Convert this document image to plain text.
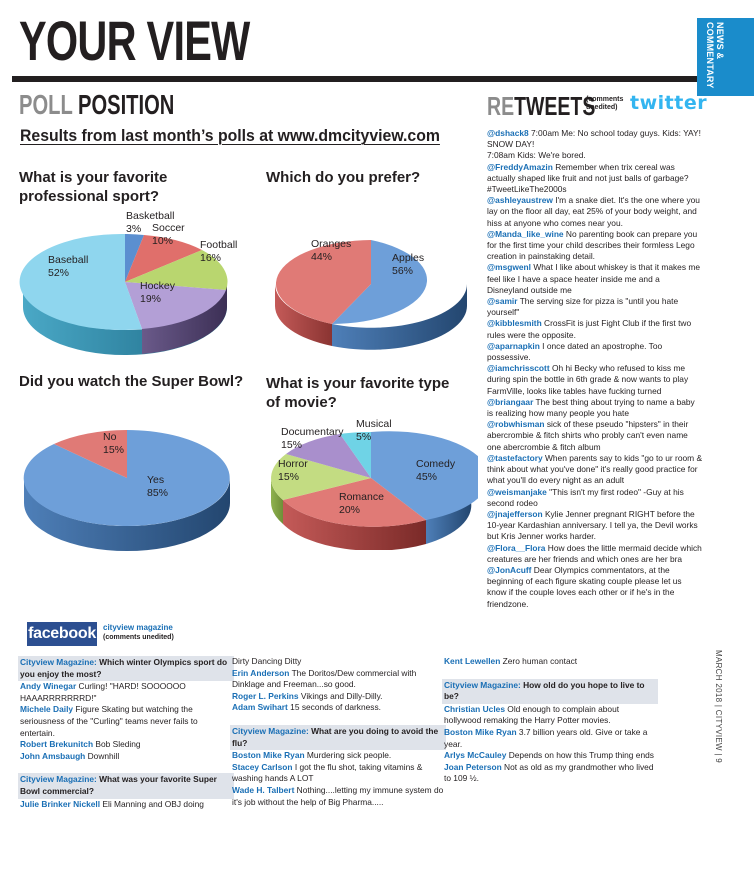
YOUR VIEW	NEWS & COMMENTARY
POLL POSITION
Results from last month’s polls at www.dmcityview.com
What is your favorite professional sport?
Basketball
3%	Soccer
10%	Football
16%
Hockey
19%
Baseball
52%
Which do you prefer?
Oranges
44%	Apples
56%
Did you watch the Super Bowl?
No
15%
Yes
85%
What is your favorite type of movie?
Musical
5%
Documentary
15%
Horror
15%
Comedy
45%
Romance
20%
RETWEETS
(comments unedited) twitter
@dshack8 7:00am Me: No school today guys. Kids: YAY! SNOW DAY!
7:08am Kids: We're bored.
@FreddyAmazin Remember when trix cereal was actually shaped like fruit and not just balls of garbage? #TweetLikeThe2000s
@ashleyaustrew I'm a snake diet. It's the one where you lay on the floor all day, eat 25% of your body weight, and hiss at anyone who comes near you.
@Manda_like_wine No parenting book can prepare you for the first time your child describes their formless Lego creation in painstaking detail.
@msgwenl What I like about whiskey is that it makes me feel like I have a space heater inside me and a Disneyland outside me
@samir The serving size for pizza is "until you hate yourself"
@kibblesmith CrossFit is just Fight Club if the first two rules were the opposite.
@aparnapkin I once dated an apostrophe. Too possessive.
@iamchrisscott Oh hi Becky who refused to kiss me during spin the bottle in 6th grade & now wants to play FarmVille, looks like tables have fucking turned
@briangaar The best thing about trying to name a baby is realizing how many people you hate
@robwhisman sick of these pseudo "hipsters" in their abercrombie & fitch shirts who probly can't even name one abercrombie & fitch album
@tastefactory When parents say to kids "go to ur room & think about what you've done" it's really good practice for what you'll do every night as an adult
@weismanjake "This isn't my first rodeo" -Guy at his second rodeo
@jnajefferson Kylie Jenner pregnant RIGHT before the 10-year Kardashian anniversary. I tell ya, the Devil works but Kris Jenner works harder.
@Flora__Flora How does the little mermaid decide which creatures are her friends and which ones are her bra
@JonAcuff Dear Olympics commentators, at the beginning of each figure skating couple please let us know if the couple loves each other or if he's in the friendzone.
facebook cityview magazine
(comments unedited)
Cityview Magazine: Which winter Olympics sport do you enjoy the most?
Andy Winegar Curling! "HARD! SOOOOOO HAAARRRRRRRD!"
Michele Daily Figure Skating but watching the seriousness of the "Curling" teams never fails to entertain.
Robert Brekunitch Bob Sleding
John Amsbaugh Downhill
Cityview Magazine: What was your favorite Super Bowl commercial?
Julie Brinker Nickell Eli Manning and OBJ doing
Dirty Dancing Ditty
Erin Anderson The Doritos/Dew commercial with Dinklage and Freeman...so good.
Roger L. Perkins Vikings and Dilly-Dilly.
Adam Swihart 15 seconds of darkness.
Cityview Magazine: What are you doing to avoid the flu?
Boston Mike Ryan Murdering sick people.
Stacey Carlson I got the flu shot, taking vitamins & washing hands A LOT
Wade H. Talbert Nothing....letting my immune system do it's job without the help of Big Pharma.....
Kent Lewellen Zero human contact
Cityview Magazine: How old do you hope to live to be?
Christian Ucles Old enough to complain about hollywood remaking the Harry Potter movies.
Boston Mike Ryan 3.7 billion years old. Give or take a year.
Arlys McCauley Depends on how this Trump thing ends
Joan Peterson Not as old as my grandmother who lived to 109 ½.
MARCH 2018 | CITYVIEW | 9
